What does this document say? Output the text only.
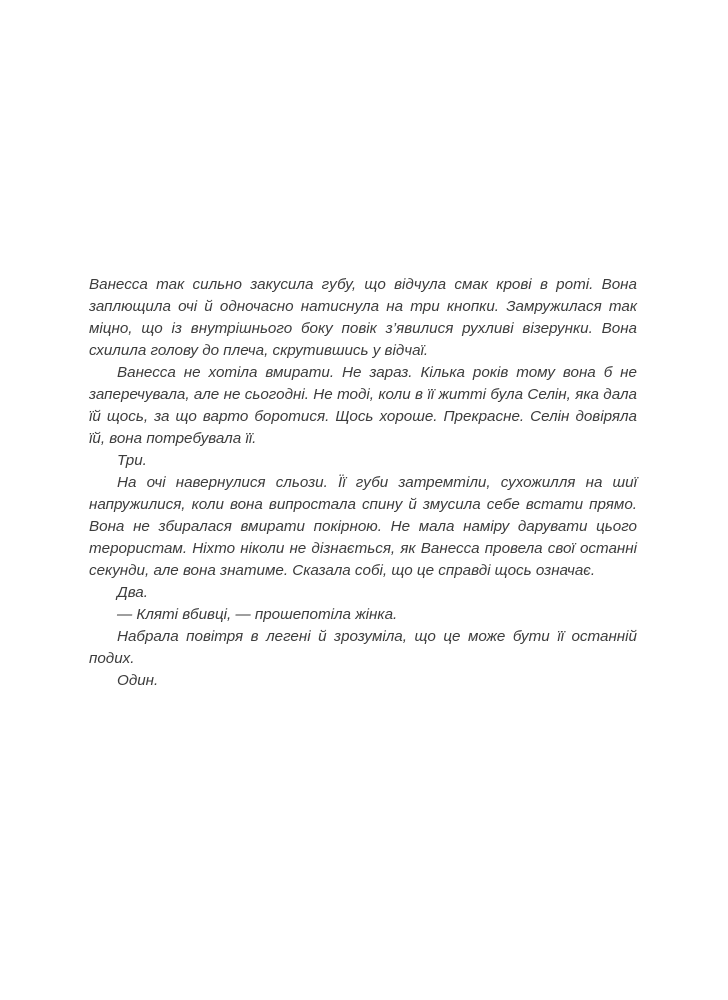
Ванесса так сильно закусила губу, що відчула смак крові в роті. Вона заплющила очі й одночасно натиснула на три кнопки. Замружилася так міцно, що із внутрішнього боку повік з’явилися рухливі візерунки. Вона схилила голову до плеча, скрутившись у відчаї.

Ванесса не хотіла вмирати. Не зараз. Кілька років тому вона б не заперечувала, але не сьогодні. Не тоді, коли в її житті була Селін, яка дала їй щось, за що варто боротися. Щось хороше. Прекрасне. Селін довіряла їй, вона потребувала її.

Три.

На очі навернулися сльози. Її губи затремтіли, сухожилля на шиї напружилися, коли вона випростала спину й змусила себе встати прямо. Вона не збиралася вмирати покірною. Не мала наміру дарувати цього терористам. Ніхто ніколи не дізнається, як Ванесса провела свої останні секунди, але вона знатиме. Сказала собі, що це справді щось означає.

Два.

— Кляті вбивці, — прошепотіла жінка.

Набрала повітря в легені й зрозуміла, що це може бути її останній подих.

Один.
